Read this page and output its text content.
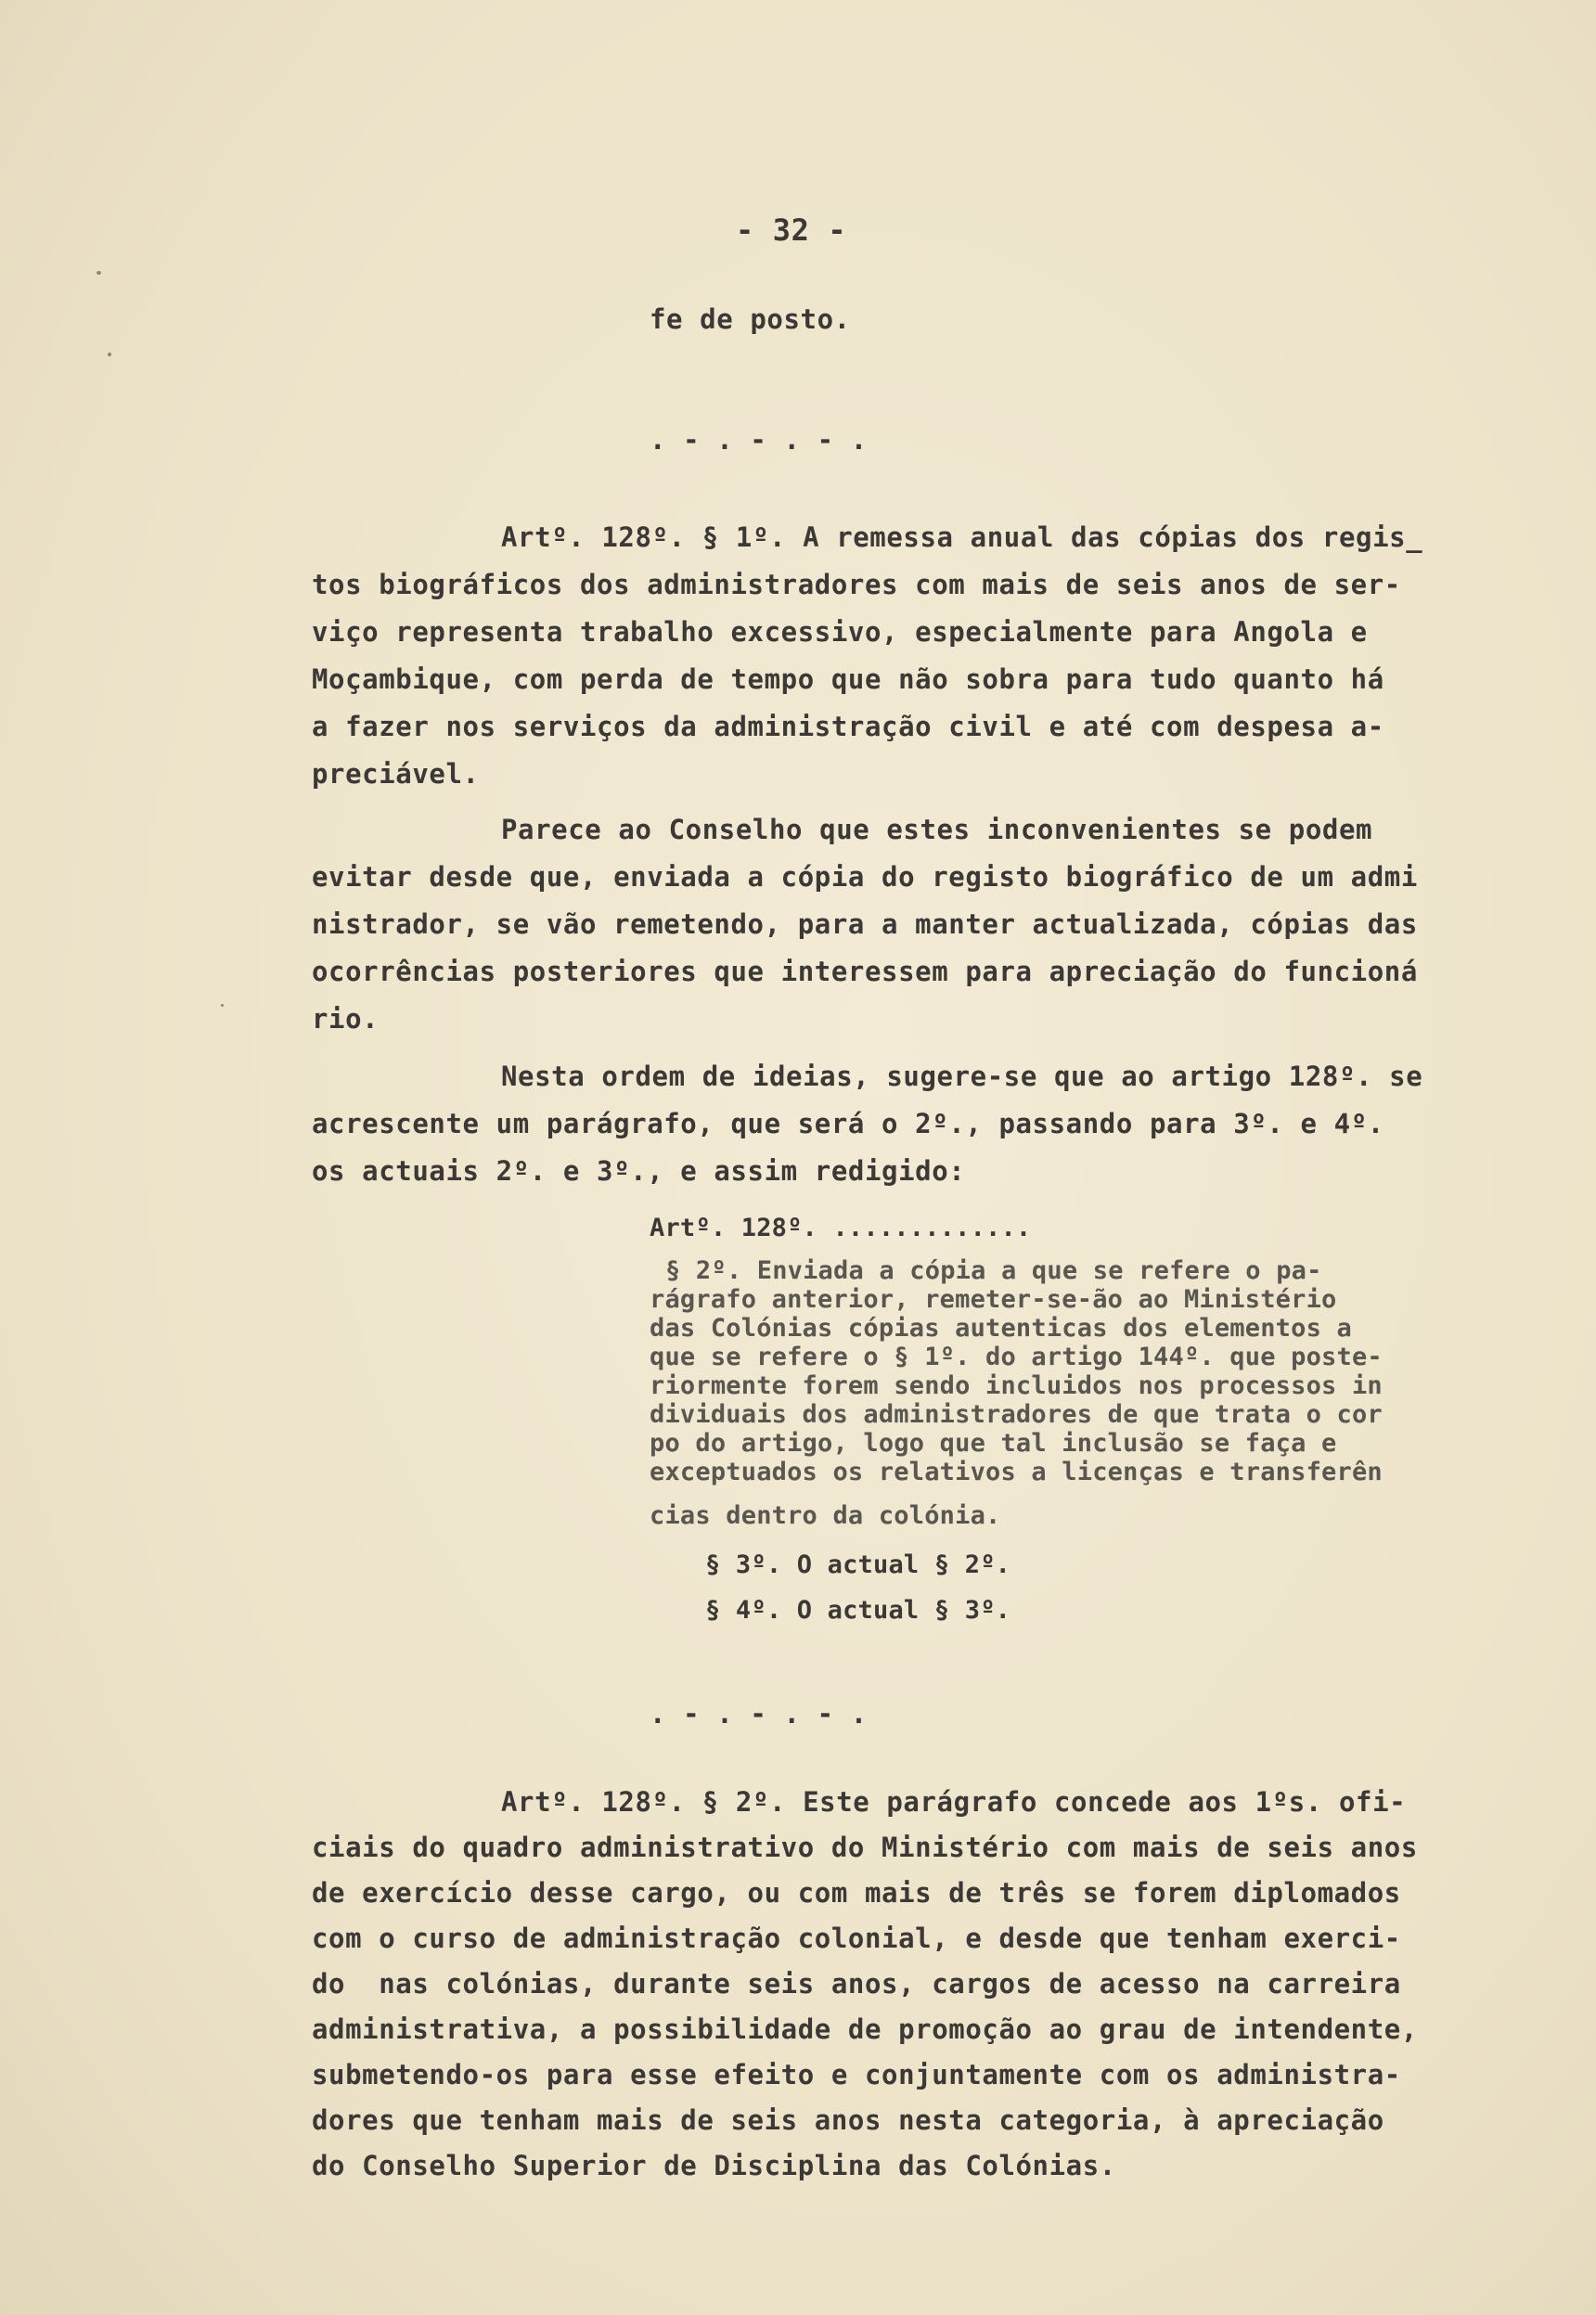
- 32 -
fe de posto.
. - . - . - .
Artº. 128º. § 1º. A remessa anual das cópias dos regis_
tos biográficos dos administradores com mais de seis anos de ser-
viço representa trabalho excessivo, especialmente para Angola e
Moçambique, com perda de tempo que não sobra para tudo quanto há
a fazer nos serviços da administração civil e até com despesa a-
preciável.
Parece ao Conselho que estes inconvenientes se podem
evitar desde que, enviada a cópia do registo biográfico de um admi
nistrador, se vão remetendo, para a manter actualizada, cópias das
ocorrências posteriores que interessem para apreciação do funcioná
rio.
Nesta ordem de ideias, sugere-se que ao artigo 128º. se
acrescente um parágrafo, que será o 2º., passando para 3º. e 4º.
os actuais 2º. e 3º., e assim redigido:
Artº. 128º. .............
§ 2º. Enviada a cópia a que se refere o pa-
rágrafo anterior, remeter-se-ão ao Ministério
das Colónias cópias autenticas dos elementos a
que se refere o § 1º. do artigo 144º. que poste-
riormente forem sendo incluidos nos processos in
dividuais dos administradores de que trata o cor
po do artigo, logo que tal inclusão se faça e
exceptuados os relativos a licenças e transferên
cias dentro da colónia.
§ 3º. O actual § 2º.
§ 4º. O actual § 3º.
. - . - . - .
Artº. 128º. § 2º. Este parágrafo concede aos 1ºs. ofi-
ciais do quadro administrativo do Ministério com mais de seis anos
de exercício desse cargo, ou com mais de três se forem diplomados
com o curso de administração colonial, e desde que tenham exerci-
do  nas colónias, durante seis anos, cargos de acesso na carreira
administrativa, a possibilidade de promoção ao grau de intendente,
submetendo-os para esse efeito e conjuntamente com os administra-
dores que tenham mais de seis anos nesta categoria, à apreciação
do Conselho Superior de Disciplina das Colónias.
